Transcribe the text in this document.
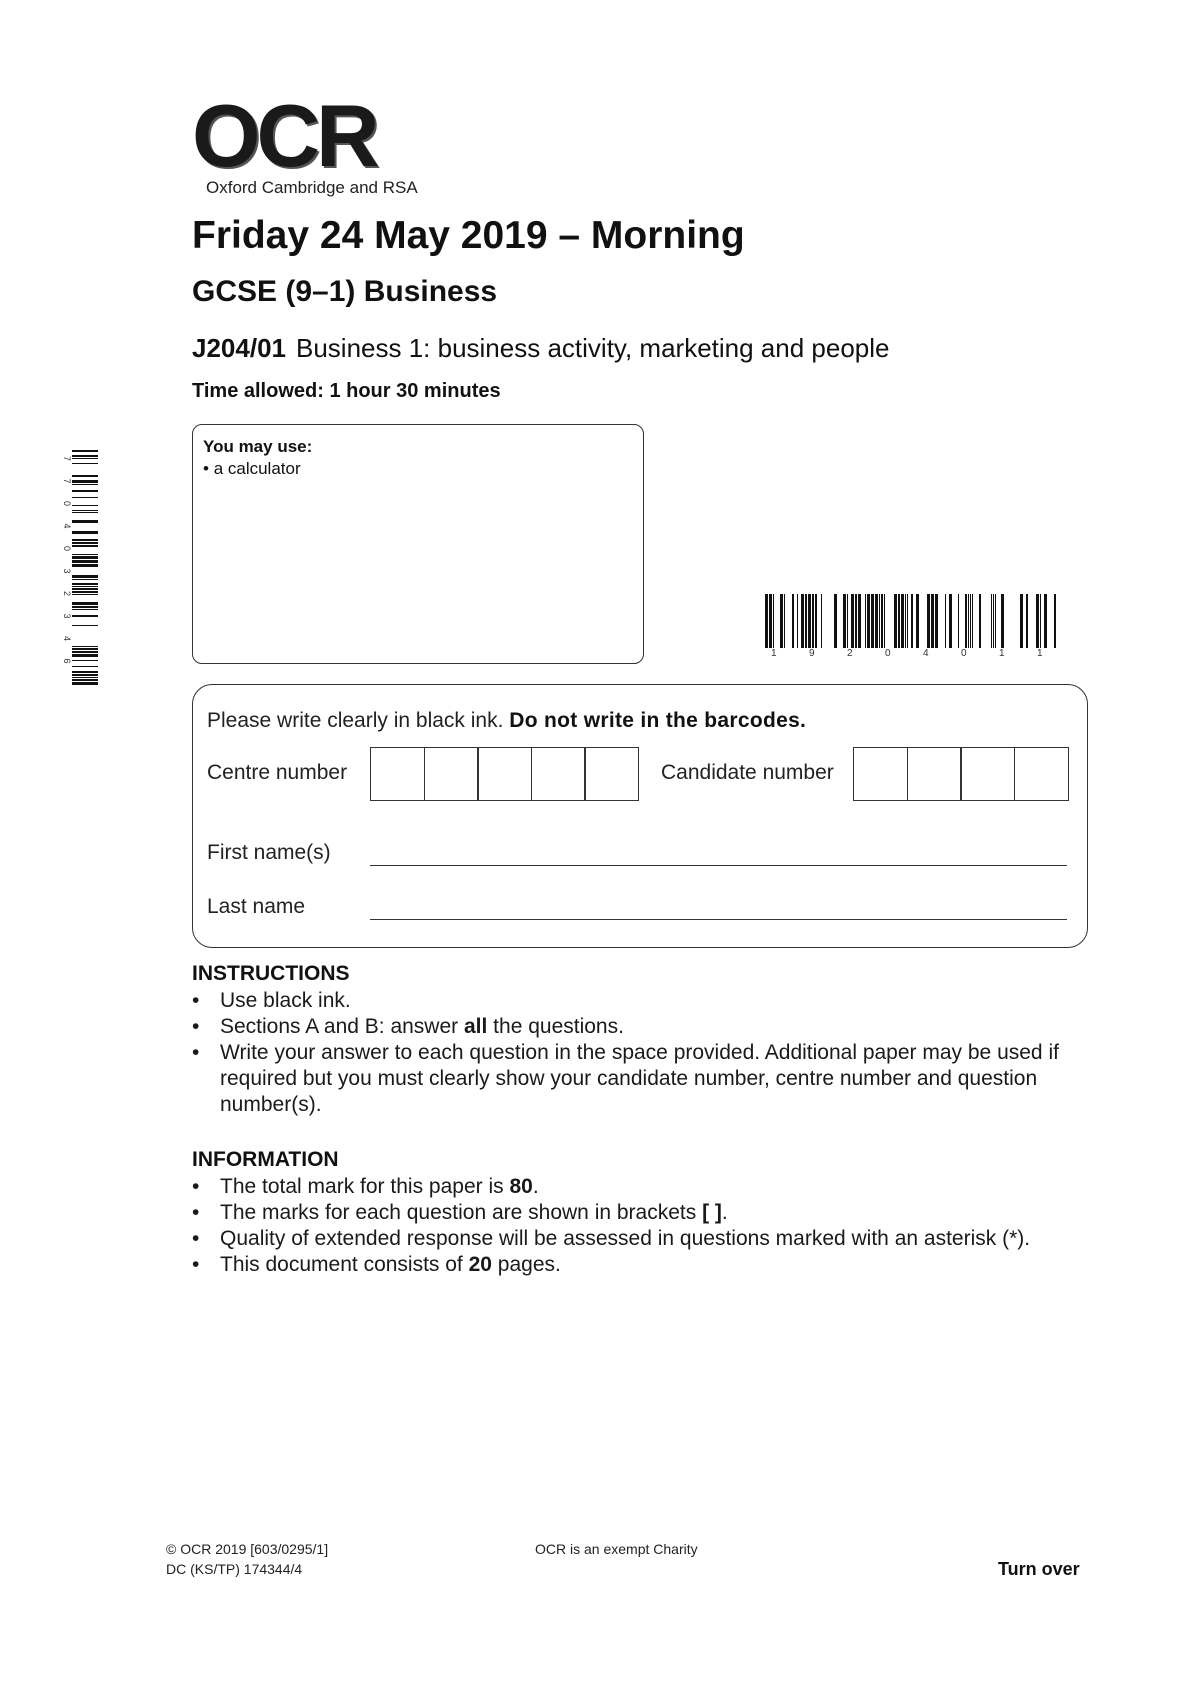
OCR
Oxford Cambridge and RSA
Friday 24 May 2019 – Morning
GCSE (9–1) Business
J204/01 Business 1: business activity, marketing and people
Time allowed: 1 hour 30 minutes
You may use:
• a calculator
7
7
0
4
0
3
2
3
4
6
1	9	2	0	4	0	1	1
Please write clearly in black ink. Do not write in the barcodes.
Centre number	Candidate number
First name(s)
Last name
INSTRUCTIONS
• Use black ink.
• Sections A and B: answer all the questions.
• Write your answer to each question in the space provided. Additional paper may be used if required but you must clearly show your candidate number, centre number and question number(s).
INFORMATION
• The total mark for this paper is 80.
• The marks for each question are shown in brackets [ ].
• Quality of extended response will be assessed in questions marked with an asterisk (*).
• This document consists of 20 pages.
© OCR 2019 [603/0295/1]
DC (KS/TP) 174344/4
OCR is an exempt Charity
Turn over
